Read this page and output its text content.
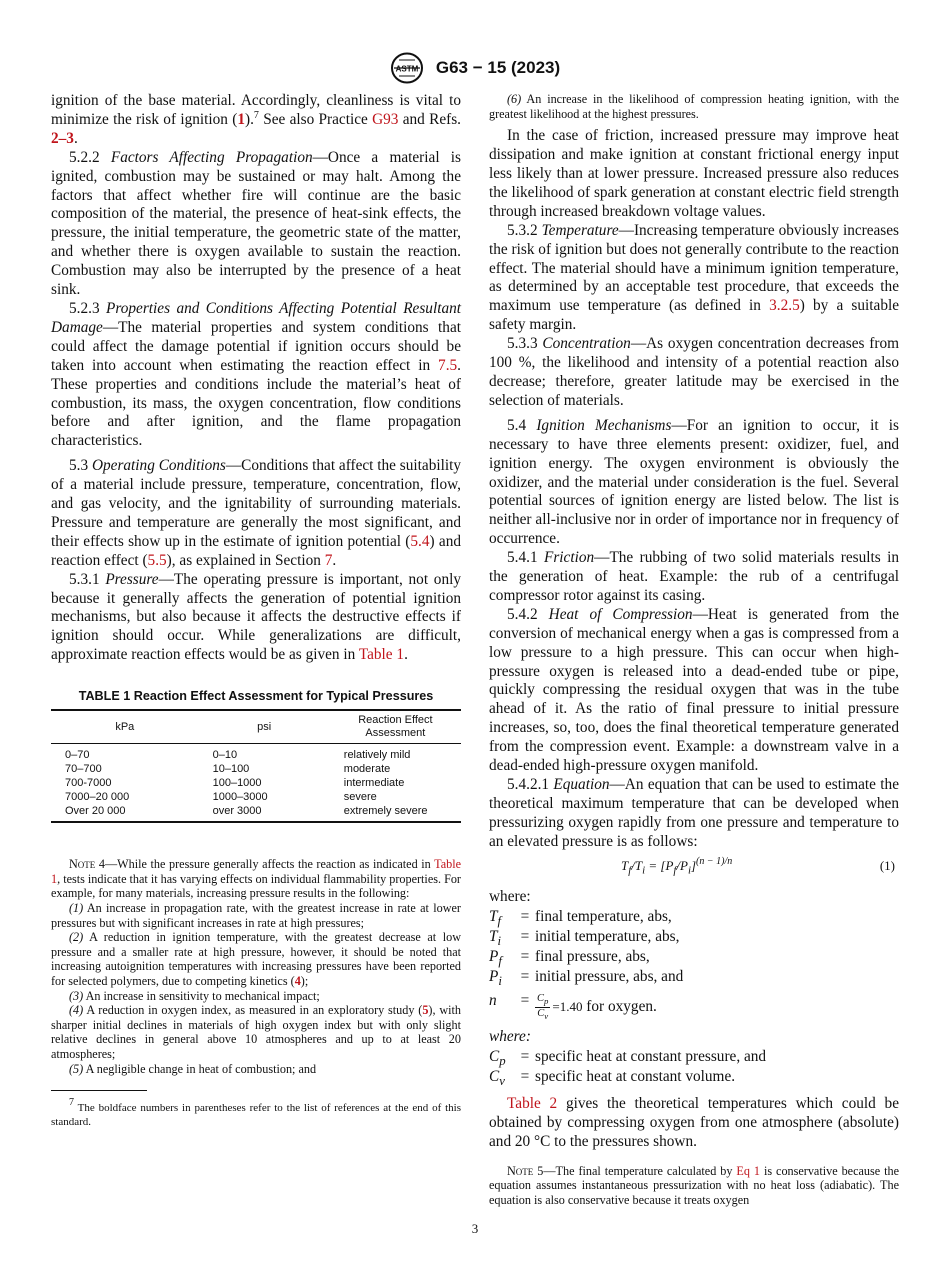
ASTM G63 − 15 (2023)

ignition of the base material. Accordingly, cleanliness is vital to minimize the risk of ignition (1).$^7$ See also Practice G93 and Refs. 2–3.

5.2.2 Factors Affecting Propagation—Once a material is ignited, combustion may be sustained or may halt. Among the factors that affect whether fire will continue are the basic composition of the material, the presence of heat-sink effects, the pressure, the initial temperature, the geometric state of the matter, and whether there is oxygen available to sustain the reaction. Combustion may also be interrupted by the presence of a heat sink.

5.2.3 Properties and Conditions Affecting Potential Resultant Damage—The material properties and system conditions that could affect the damage potential if ignition occurs should be taken into account when estimating the reaction effect in 7.5. These properties and conditions include the material’s heat of combustion, its mass, the oxygen concentration, flow conditions before and after ignition, and the flame propagation characteristics.

5.3 Operating Conditions—Conditions that affect the suitability of a material include pressure, temperature, concentration, flow, and gas velocity, and the ignitability of surrounding materials. Pressure and temperature are generally the most significant, and their effects show up in the estimate of ignition potential (5.4) and reaction effect (5.5), as explained in Section 7.

5.3.1 Pressure—The operating pressure is important, not only because it generally affects the generation of potential ignition mechanisms, but also because it affects the destructive effects if ignition should occur. While generalizations are difficult, approximate reaction effects would be as given in Table 1.

TABLE 1 Reaction Effect Assessment for Typical Pressures
kPa	psi	Reaction Effect Assessment
0–70	0–10	relatively mild
70–700	10–100	moderate
700-7000	100–1000	intermediate
7000–20 000	1000–3000	severe
Over 20 000	over 3000	extremely severe

Note 4—While the pressure generally affects the reaction as indicated in Table 1, tests indicate that it has varying effects on individual flammability properties. For example, for many materials, increasing pressure results in the following:

(1) An increase in propagation rate, with the greatest increase in rate at lower pressures but with significant increases in rate at high pressures;

(2) A reduction in ignition temperature, with the greatest decrease at low pressure and a smaller rate at high pressure, however, it should be noted that increasing autoignition temperatures with increasing pressures have been reported for selected polymers, due to competing kinetics (4);

(3) An increase in sensitivity to mechanical impact;

(4) A reduction in oxygen index, as measured in an exploratory study (5), with sharper initial declines in materials of high oxygen index but with only slight relative declines in general above 10 atmospheres and up to at least 20 atmospheres;

(5) A negligible change in heat of combustion; and

$^7$ The boldface numbers in parentheses refer to the list of references at the end of this standard.

(6) An increase in the likelihood of compression heating ignition, with the greatest likelihood at the highest pressures.

In the case of friction, increased pressure may improve heat dissipation and make ignition at constant frictional energy input less likely than at lower pressure. Increased pressure also reduces the likelihood of spark generation at constant electric field strength through increased breakdown voltage values.

5.3.2 Temperature—Increasing temperature obviously increases the risk of ignition but does not generally contribute to the reaction effect. The material should have a minimum ignition temperature, as determined by an acceptable test procedure, that exceeds the maximum use temperature (as defined in 3.2.5) by a suitable safety margin.

5.3.3 Concentration—As oxygen concentration decreases from 100 %, the likelihood and intensity of a potential reaction also decrease; therefore, greater latitude may be exercised in the selection of materials.

5.4 Ignition Mechanisms—For an ignition to occur, it is necessary to have three elements present: oxidizer, fuel, and ignition energy. The oxygen environment is obviously the oxidizer, and the material under consideration is the fuel. Several potential sources of ignition energy are listed below. The list is neither all-inclusive nor in order of importance nor in frequency of occurrence.

5.4.1 Friction—The rubbing of two solid materials results in the generation of heat. Example: the rub of a centrifugal compressor rotor against its casing.

5.4.2 Heat of Compression—Heat is generated from the conversion of mechanical energy when a gas is compressed from a low pressure to a high pressure. This can occur when high-pressure oxygen is released into a dead-ended tube or pipe, quickly compressing the residual oxygen that was in the tube ahead of it. As the ratio of final pressure to initial pressure increases, so, too, does the final theoretical temperature generated from the compression event. Example: a downstream valve in a dead-ended high-pressure oxygen manifold.

5.4.2.1 Equation—An equation that can be used to estimate the theoretical maximum temperature that can be developed when pressurizing oxygen rapidly from one pressure and temperature to an elevated pressure is as follows:

$T_f/T_i = [P_f/P_i]^{(n - 1)/n}$	(1)

where:

$T_f$	= final temperature, abs,
$T_i$	= initial temperature, abs,
$P_f$	= final pressure, abs,
$P_i$	= initial pressure, abs, and
n	= $\frac{C_p}{C_v} =1.40$ for oxygen.

where:

$C_p$ = specific heat at constant pressure, and
$C_v$	= specific heat at constant volume.

Table 2 gives the theoretical temperatures which could be obtained by compressing oxygen from one atmosphere (absolute) and 20 °C to the pressures shown.

Note 5—The final temperature calculated by Eq 1 is conservative because the equation assumes instantaneous pressurization with no heat loss (adiabatic). The equation is also conservative because it treats oxygen

3
